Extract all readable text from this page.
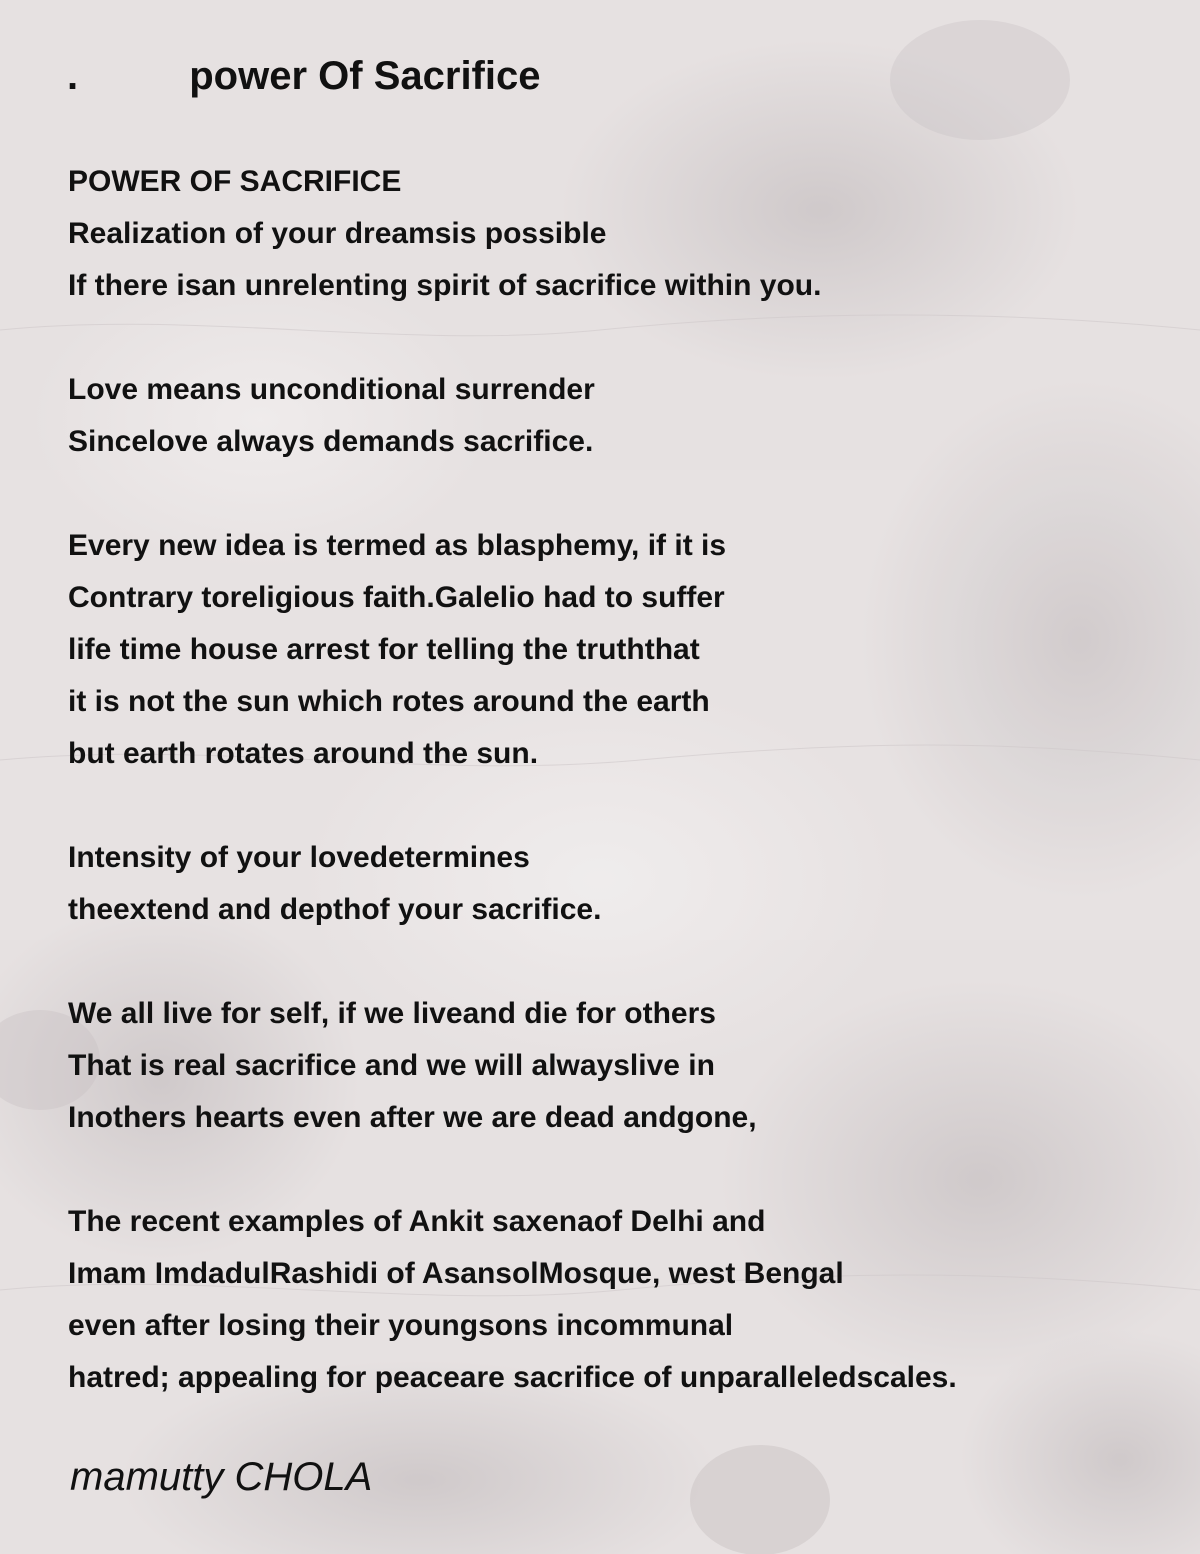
.          power Of Sacrifice
POWER OF SACRIFICE
Realization of your dreamsis possible
If there isan unrelenting spirit of sacrifice within you.
Love means unconditional surrender
Sincelove always demands sacrifice.
Every new idea is termed as blasphemy, if it is
Contrary toreligious faith.Galelio had to suffer
life time house arrest for telling the truththat
it is not the sun which rotes around the earth
but earth rotates around the sun.
Intensity of your lovedetermines
theextend and depthof your sacrifice.
We all live for self, if we liveand die for others
That is real sacrifice and we will alwayslive in
Inothers hearts even after we are dead andgone,
The recent examples of Ankit saxenaof Delhi and
Imam ImdadulRashidi of AsansolMosque, west Bengal
even after losing their youngsons incommunal
hatred; appealing for peaceare sacrifice of unparalleledscales.
mamutty CHOLA
